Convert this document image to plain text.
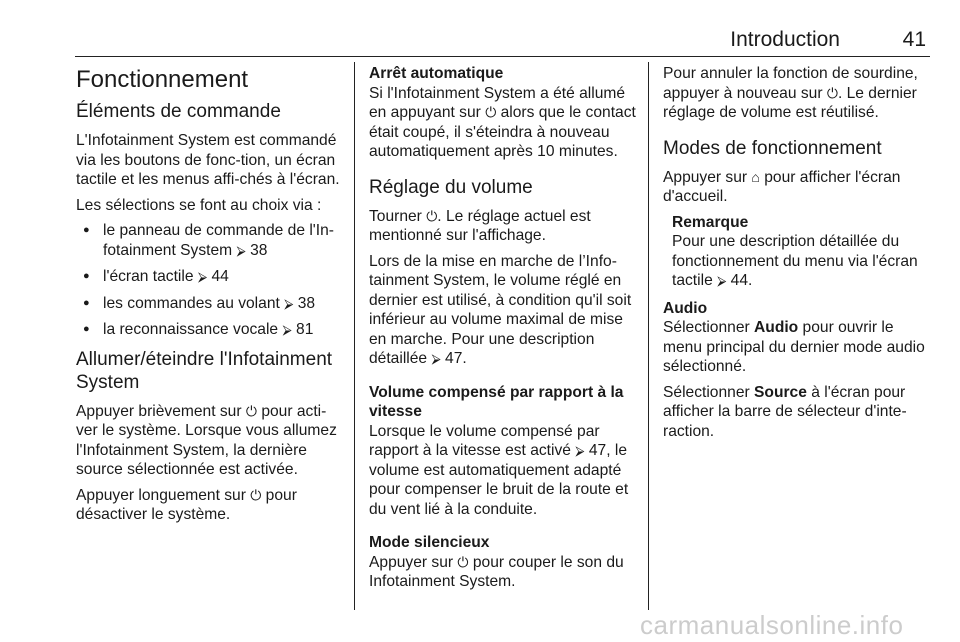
Introduction	41
Fonctionnement
Éléments de commande

L'Infotainment System est commandé via les boutons de fonc-tion, un écran tactile et les menus affi-chés à l'écran.

Les sélections se font au choix via :

● le panneau de commande de l'In-fotainment System ⮚ 38
● l'écran tactile ⮚ 44
● les commandes au volant ⮚ 38
● la reconnaissance vocale ⮚ 81
Allumer/éteindre l'Infotainment System

Appuyer brièvement sur ⏻ pour acti-ver le système. Lorsque vous allumez l'Infotainment System, la dernière source sélectionnée est activée.

Appuyer longuement sur ⏻ pour désactiver le système.

Arrêt automatique

Si l'Infotainment System a été allumé en appuyant sur ⏻ alors que le contact était coupé, il s'éteindra à nouveau automatiquement après 10 minutes.

Réglage du volume

Tourner ⏻. Le réglage actuel est mentionné sur l'affichage.

Lors de la mise en marche de l’Info-tainment System, le volume réglé en dernier est utilisé, à condition qu'il soit inférieur au volume maximal de mise en marche. Pour une description détaillée ⮚ 47.

Volume compensé par rapport à la vitesse

Lorsque le volume compensé par rapport à la vitesse est activé ⮚ 47, le volume est automatiquement adapté pour compenser le bruit de la route et du vent lié à la conduite.

Mode silencieux

Appuyer sur ⏻ pour couper le son du Infotainment System.

Pour annuler la fonction de sourdine, appuyer à nouveau sur ⏻. Le dernier réglage de volume est réutilisé.

Modes de fonctionnement

Appuyer sur ⌂ pour afficher l'écran d'accueil.

Remarque
Pour une description détaillée du fonctionnement du menu via l'écran tactile ⮚ 44.
Audio

Sélectionner Audio pour ouvrir le menu principal du dernier mode audio sélectionné.

Sélectionner Source à l'écran pour afficher la barre de sélecteur d'inte-raction.

carmanualsonline.info
